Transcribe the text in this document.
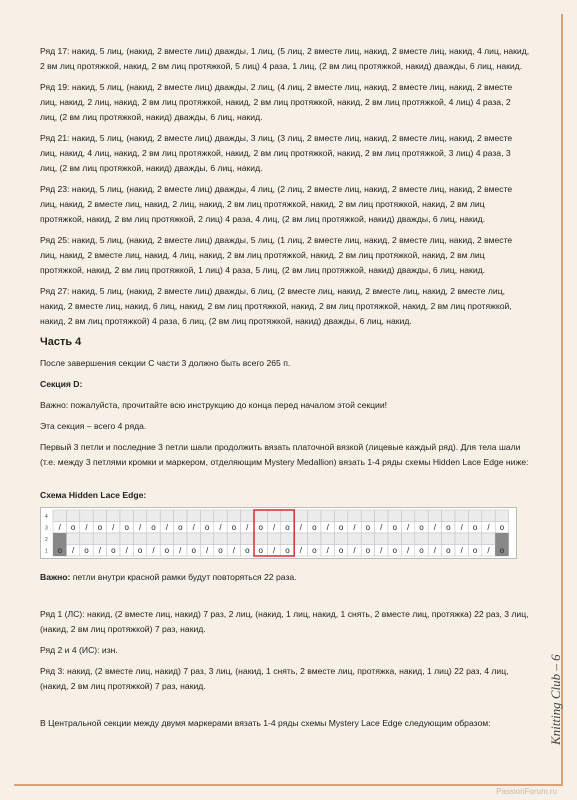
Ряд 17: накид, 5 лиц, (накид, 2 вместе лиц) дважды, 1 лиц, (5 лиц, 2 вместе лиц, накид, 2 вместе лиц, накид, 4 лиц, накид, 2 вм лиц протяжкой, накид, 2 вм лиц протяжкой, 5 лиц) 4 раза, 1 лиц, (2 вм лиц протяжкой, накид) дважды, 6 лиц, накид.

Ряд 19: накид, 5 лиц, (накид, 2 вместе лиц) дважды, 2 лиц, (4 лиц, 2 вместе лиц, накид, 2 вместе лиц, накид, 2 вместе лиц, накид, 2 лиц, накид, 2 вм лиц протяжкой, накид, 2 вм лиц протяжкой, накид, 2 вм лиц протяжкой, 4 лиц) 4 раза, 2 лиц, (2 вм лиц протяжкой, накид) дважды, 6 лиц, накид.

Ряд 21: накид, 5 лиц, (накид, 2 вместе лиц) дважды, 3 лиц, (3 лиц, 2 вместе лиц, накид, 2 вместе лиц, накид, 2 вместе лиц, накид, 4 лиц, накид, 2 вм лиц протяжкой, накид, 2 вм лиц протяжкой, накид, 2 вм лиц протяжкой, 3 лиц) 4 раза, 3 лиц, (2 вм лиц протяжкой, накид) дважды, 6 лиц, накид.

Ряд 23: накид, 5 лиц, (накид, 2 вместе лиц) дважды, 4 лиц, (2 лиц, 2 вместе лиц, накид, 2 вместе лиц, накид, 2 вместе лиц, накид, 2 вместе лиц, накид, 2 лиц, накид, 2 вм лиц протяжкой, накид, 2 вм лиц протяжкой, накид, 2 вм лиц протяжкой, накид, 2 вм лиц протяжкой, 2 лиц) 4 раза, 4 лиц, (2 вм лиц протяжкой, накид) дважды, 6 лиц, накид.

Ряд 25: накид, 5 лиц, (накид, 2 вместе лиц) дважды, 5 лиц, (1 лиц, 2 вместе лиц, накид, 2 вместе лиц, накид, 2 вместе лиц, накид, 2 вместе лиц, накид, 4 лиц, накид, 2 вм лиц протяжкой, накид, 2 вм лиц протяжкой, накид, 2 вм лиц протяжкой, накид, 2 вм лиц протяжкой, 1 лиц) 4 раза, 5 лиц, (2 вм лиц протяжкой, накид) дважды, 6 лиц, накид.

Ряд 27: накид, 5 лиц, (накид, 2 вместе лиц) дважды, 6 лиц, (2 вместе лиц, накид, 2 вместе лиц, накид, 2 вместе лиц, накид, 2 вместе лиц, накид, 6 лиц, накид, 2 вм лиц протяжкой, накид, 2 вм лиц протяжкой, накид, 2 вм лиц протяжкой, накид, 2 вм лиц протяжкой) 4 раза, 6 лиц, (2 вм лиц протяжкой, накид) дважды, 6 лиц, накид.

Часть 4

После завершения секции С части 3 должно быть всего 265 п.

Секция D:

Важно: пожалуйста, прочитайте всю инструкцию до конца перед началом этой секции!

Эта секция – всего 4 ряда.

Первый 3 петли и последние 3 петли шали продолжить вязать платочной вязкой (лицевые каждый ряд). Для тела шали (т.е. между 3 петлями кромки и маркером, отделяющим Mystery Medallion) вязать 1-4 ряды схемы Hidden Lace Edge ниже:

Схема Hidden Lace Edge:
4
3
2
1
/ o / o / o / o / o / o / o / o / o / o / o / o / o / o / o / o / o
o / o / o / o / o / o / o / o o / o / o / o / o / o / o / o / o / o

Важно: петли внутри красной рамки будут повторяться 22 раза.

Ряд 1 (ЛС): накид, (2 вместе лиц, накид) 7 раз, 2 лиц, (накид, 1 лиц, накид, 1 снять, 2 вместе лиц, протяжка) 22 раз, 3 лиц, (накид, 2 вм лиц протяжкой) 7 раз, накид.

Ряд 2 и 4 (ИС): изн.

Ряд 3: накид, (2 вместе лиц, накид) 7 раз, 3 лиц, (накид, 1 снять, 2 вместе лиц, протяжка, накид, 1 лиц) 22 раз, 4 лиц, (накид, 2 вм лиц протяжкой) 7 раз, накид.

В Центральной секции между двумя маркерами вязать 1-4 ряды схемы Mystery Lace Edge следующим образом:	Knitting Club – 6
PassionForum.ru
